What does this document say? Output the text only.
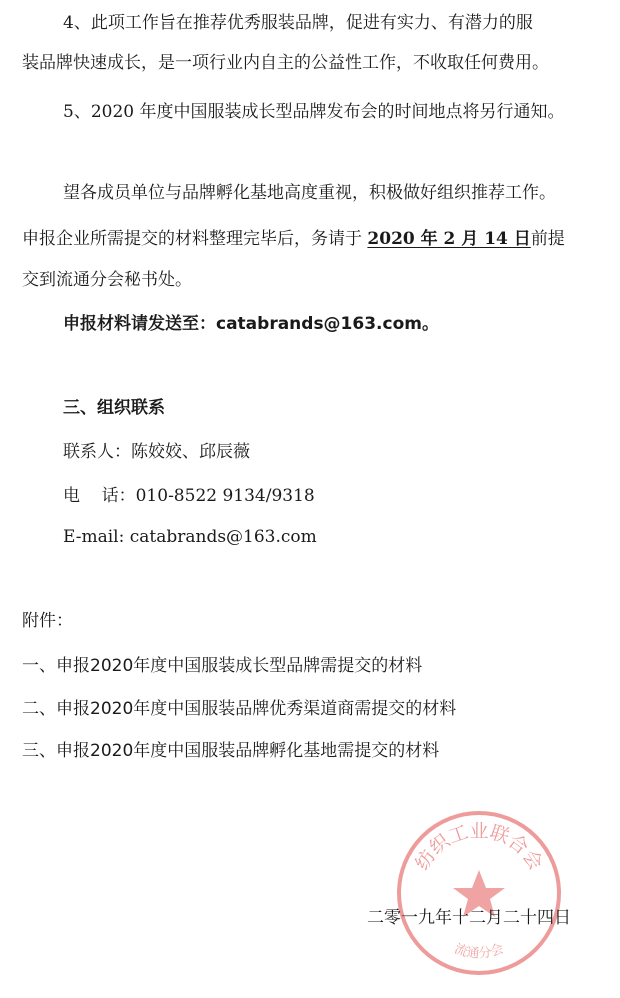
4、此项工作旨在推荐优秀服装品牌，促进有实力、有潜力的服
装品牌快速成长，是一项行业内自主的公益性工作，不收取任何费用。
5、2020 年度中国服装成长型品牌发布会的时间地点将另行通知。
望各成员单位与品牌孵化基地高度重视，积极做好组织推荐工作。
申报企业所需提交的材料整理完毕后，务请于 2020 年 2 月 14 日前提
交到流通分会秘书处。
申报材料请发送至：catabrands@163.com。
三、组织联系
联系人：陈姣姣、邱辰薇
电    话：010-8522 9134/9318
E-mail: catabrands@163.com
附件：
一、申报2020年度中国服装成长型品牌需提交的材料
二、申报2020年度中国服装品牌优秀渠道商需提交的材料
三、申报2020年度中国服装品牌孵化基地需提交的材料
纺织工业联合会
流通分会
二零一九年十二月二十四日
